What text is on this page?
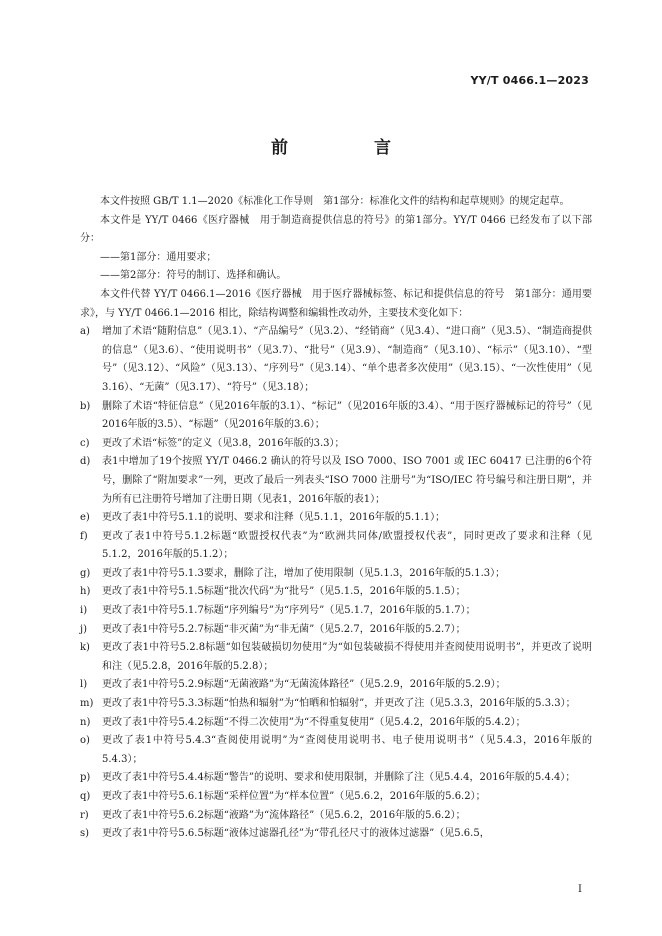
YY/T 0466.1—2023
前 言

本文件按照 GB/T 1.1—2020《标准化工作导则　第1部分：标准化文件的结构和起草规则》的规定起草。

本文件是 YY/T 0466《医疗器械　用于制造商提供信息的符号》的第1部分。YY/T 0466 已经发布了以下部分：

——第1部分：通用要求；

——第2部分：符号的制订、选择和确认。

本文件代替 YY/T 0466.1—2016《医疗器械　用于医疗器械标签、标记和提供信息的符号　第1部分：通用要求》，与 YY/T 0466.1—2016 相比，除结构调整和编辑性改动外，主要技术变化如下：

a)	增加了术语“随附信息”（见3.1）、“产品编号”（见3.2）、“经销商”（见3.4）、“进口商”（见3.5）、“制造商提供的信息”（见3.6）、“使用说明书”（见3.7）、“批号”（见3.9）、“制造商”（见3.10）、“标示”（见3.10）、“型号”（见3.12）、“风险”（见3.13）、“序列号”（见3.14）、“单个患者多次使用”（见3.15）、“一次性使用”（见3.16）、“无菌”（见3.17）、“符号”（见3.18）；
b)	删除了术语“特征信息”（见2016年版的3.1）、“标记”（见2016年版的3.4）、“用于医疗器械标记的符号”（见2016年版的3.5）、“标题”（见2016年版的3.6）；
c)	更改了术语“标签”的定义（见3.8，2016年版的3.3）；
d)	表1中增加了19个按照 YY/T 0466.2 确认的符号以及 ISO 7000、ISO 7001 或 IEC 60417 已注册的6个符号，删除了“附加要求”一列，更改了最后一列表头“ISO 7000 注册号”为“ISO/IEC 符号编号和注册日期”，并为所有已注册符号增加了注册日期（见表1，2016年版的表1）；
e)	更改了表1中符号5.1.1的说明、要求和注释（见5.1.1，2016年版的5.1.1）；
f)	更改了表1中符号5.1.2标题“欧盟授权代表”为“欧洲共同体/欧盟授权代表”，同时更改了要求和注释（见5.1.2，2016年版的5.1.2）；
g)	更改了表1中符号5.1.3要求，删除了注，增加了使用限制（见5.1.3，2016年版的5.1.3）；
h)	更改了表1中符号5.1.5标题“批次代码”为“批号”（见5.1.5，2016年版的5.1.5）；
i)	更改了表1中符号5.1.7标题“序列编号”为“序列号”（见5.1.7，2016年版的5.1.7）；
j)	更改了表1中符号5.2.7标题“非灭菌”为“非无菌”（见5.2.7，2016年版的5.2.7）；
k)	更改了表1中符号5.2.8标题“如包装破损切勿使用”为“如包装破损不得使用并查阅使用说明书”，并更改了说明和注（见5.2.8，2016年版的5.2.8）；
l)	更改了表1中符号5.2.9标题“无菌液路”为“无菌流体路径”（见5.2.9，2016年版的5.2.9）；
m) 更改了表1中符号5.3.3标题“怕热和辐射”为“怕晒和怕辐射”，并更改了注（见5.3.3，2016年版的5.3.3）；
n)	更改了表1中符号5.4.2标题“不得二次使用”为“不得重复使用”（见5.4.2，2016年版的5.4.2）；
o)	更改了表1中符号5.4.3“查阅使用说明”为“查阅使用说明书、电子使用说明书”（见5.4.3，2016年版的5.4.3）；
p)	更改了表1中符号5.4.4标题“警告”的说明、要求和使用限制，并删除了注（见5.4.4，2016年版的5.4.4）；
q)	更改了表1中符号5.6.1标题“采样位置”为“样本位置”（见5.6.2，2016年版的5.6.2）；
r)	更改了表1中符号5.6.2标题“液路”为“流体路径”（见5.6.2，2016年版的5.6.2）；
s)	更改了表1中符号5.6.5标题“液体过滤器孔径”为“带孔径尺寸的液体过滤器”（见5.6.5，
I
